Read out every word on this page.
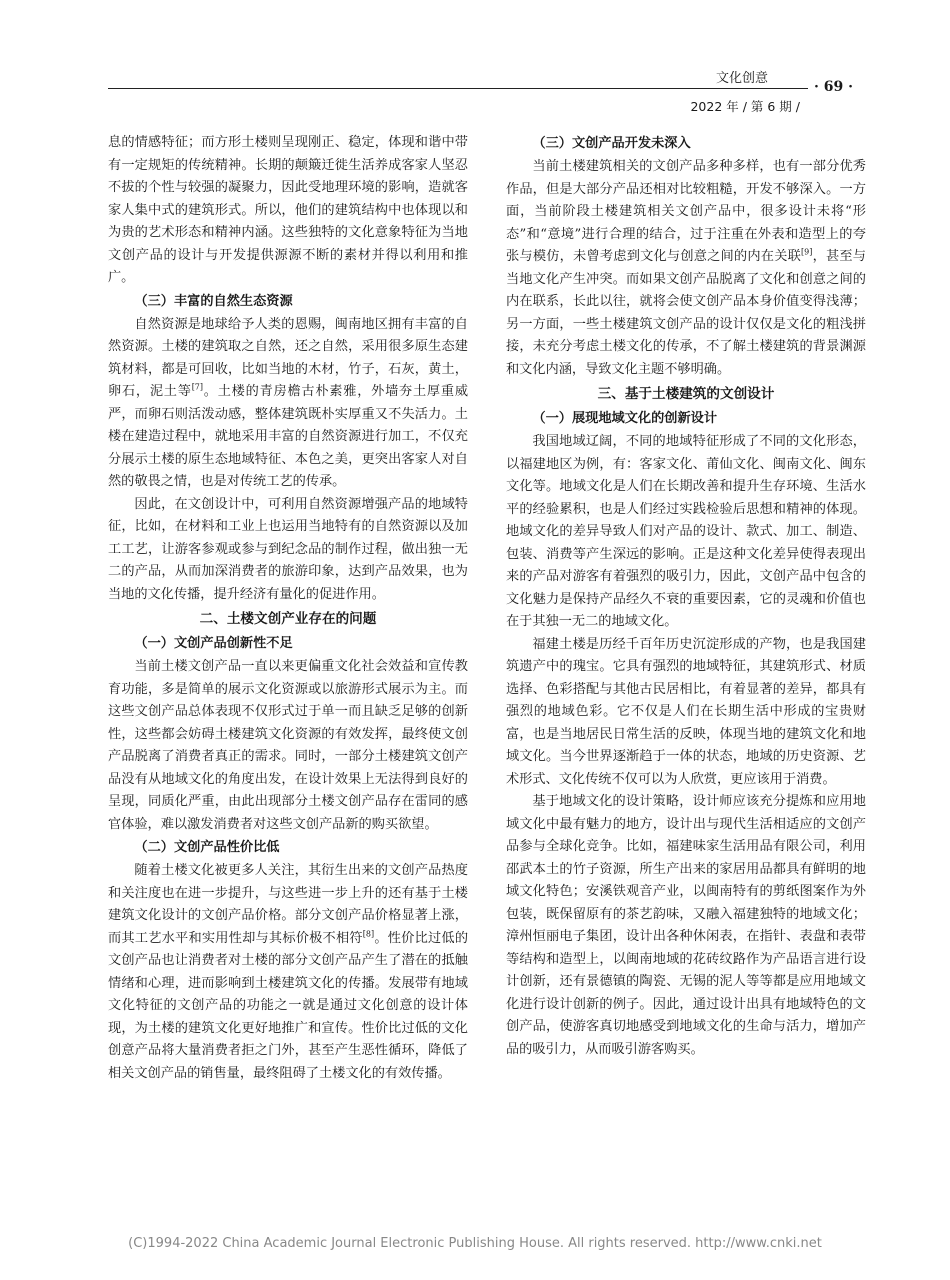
文化创意
· 69 ·
2022 年 / 第 6 期 /

息的情感特征；而方形土楼则呈现刚正、稳定，体现和谐中带有一定规矩的传统精神。长期的颠簸迁徙生活养成客家人坚忍不拔的个性与较强的凝聚力，因此受地理环境的影响，造就客家人集中式的建筑形式。所以，他们的建筑结构中也体现以和为贵的艺术形态和精神内涵。这些独特的文化意象特征为当地文创产品的设计与开发提供源源不断的素材并得以利用和推广。

（三）丰富的自然生态资源

自然资源是地球给予人类的恩赐，闽南地区拥有丰富的自然资源。土楼的建筑取之自然，还之自然，采用很多原生态建筑材料，都是可回收，比如当地的木材，竹子，石灰，黄土，卵石，泥土等[7]。土楼的青房檐古朴素雅，外墙夯土厚重威严，而卵石则活泼动感，整体建筑既朴实厚重又不失活力。土楼在建造过程中，就地采用丰富的自然资源进行加工，不仅充分展示土楼的原生态地域特征、本色之美，更突出客家人对自然的敬畏之情，也是对传统工艺的传承。

因此，在文创设计中，可利用自然资源增强产品的地域特征，比如，在材料和工业上也运用当地特有的自然资源以及加工工艺，让游客参观或参与到纪念品的制作过程，做出独一无二的产品，从而加深消费者的旅游印象，达到产品效果，也为当地的文化传播，提升经济有量化的促进作用。

二、土楼文创产业存在的问题
（一）文创产品创新性不足

当前土楼文创产品一直以来更偏重文化社会效益和宣传教育功能，多是简单的展示文化资源或以旅游形式展示为主。而这些文创产品总体表现不仅形式过于单一而且缺乏足够的创新性，这些都会妨碍土楼建筑文化资源的有效发挥，最终使文创产品脱离了消费者真正的需求。同时，一部分土楼建筑文创产品没有从地域文化的角度出发，在设计效果上无法得到良好的呈现，同质化严重，由此出现部分土楼文创产品存在雷同的感官体验，难以激发消费者对这些文创产品新的购买欲望。

（二）文创产品性价比低

随着土楼文化被更多人关注，其衍生出来的文创产品热度和关注度也在进一步提升，与这些进一步上升的还有基于土楼建筑文化设计的文创产品价格。部分文创产品价格显著上涨，而其工艺水平和实用性却与其标价极不相符[8]。性价比过低的文创产品也让消费者对土楼的部分文创产品产生了潜在的抵触情绪和心理，进而影响到土楼建筑文化的传播。发展带有地域文化特征的文创产品的功能之一就是通过文化创意的设计体现，为土楼的建筑文化更好地推广和宣传。性价比过低的文化创意产品将大量消费者拒之门外，甚至产生恶性循环，降低了相关文创产品的销售量，最终阻碍了土楼文化的有效传播。

（三）文创产品开发未深入

当前土楼建筑相关的文创产品多种多样，也有一部分优秀作品，但是大部分产品还相对比较粗糙，开发不够深入。一方面，当前阶段土楼建筑相关文创产品中，很多设计未将“形态”和“意境”进行合理的结合，过于注重在外表和造型上的夸张与模仿，未曾考虑到文化与创意之间的内在关联[9]，甚至与当地文化产生冲突。而如果文创产品脱离了文化和创意之间的内在联系，长此以往，就将会使文创产品本身价值变得浅薄；另一方面，一些土楼建筑文创产品的设计仅仅是文化的粗浅拼接，未充分考虑土楼文化的传承，不了解土楼建筑的背景渊源和文化内涵，导致文化主题不够明确。

三、基于土楼建筑的文创设计
（一）展现地域文化的创新设计

我国地域辽阔，不同的地域特征形成了不同的文化形态，以福建地区为例，有：客家文化、莆仙文化、闽南文化、闽东文化等。地域文化是人们在长期改善和提升生存环境、生活水平的经验累积，也是人们经过实践检验后思想和精神的体现。地域文化的差异导致人们对产品的设计、款式、加工、制造、包装、消费等产生深远的影响。正是这种文化差异使得表现出来的产品对游客有着强烈的吸引力，因此，文创产品中包含的文化魅力是保持产品经久不衰的重要因素，它的灵魂和价值也在于其独一无二的地域文化。

福建土楼是历经千百年历史沉淀形成的产物，也是我国建筑遗产中的瑰宝。它具有强烈的地域特征，其建筑形式、材质选择、色彩搭配与其他古民居相比，有着显著的差异，都具有强烈的地域色彩。它不仅是人们在长期生活中形成的宝贵财富，也是当地居民日常生活的反映，体现当地的建筑文化和地域文化。当今世界逐渐趋于一体的状态，地域的历史资源、艺术形式、文化传统不仅可以为人欣赏，更应该用于消费。

基于地域文化的设计策略，设计师应该充分提炼和应用地域文化中最有魅力的地方，设计出与现代生活相适应的文创产品参与全球化竞争。比如，福建味家生活用品有限公司，利用邵武本土的竹子资源，所生产出来的家居用品都具有鲜明的地域文化特色；安溪铁观音产业，以闽南特有的剪纸图案作为外包装，既保留原有的茶艺韵味，又融入福建独特的地域文化；漳州恒丽电子集团，设计出各种休闲表，在指针、表盘和表带等结构和造型上，以闽南地域的花砖纹路作为产品语言进行设计创新，还有景德镇的陶瓷、无锡的泥人等等都是应用地域文化进行设计创新的例子。因此，通过设计出具有地域特色的文创产品，使游客真切地感受到地域文化的生命与活力，增加产品的吸引力，从而吸引游客购买。

(C)1994-2022 China Academic Journal Electronic Publishing House. All rights reserved. http://www.cnki.net
